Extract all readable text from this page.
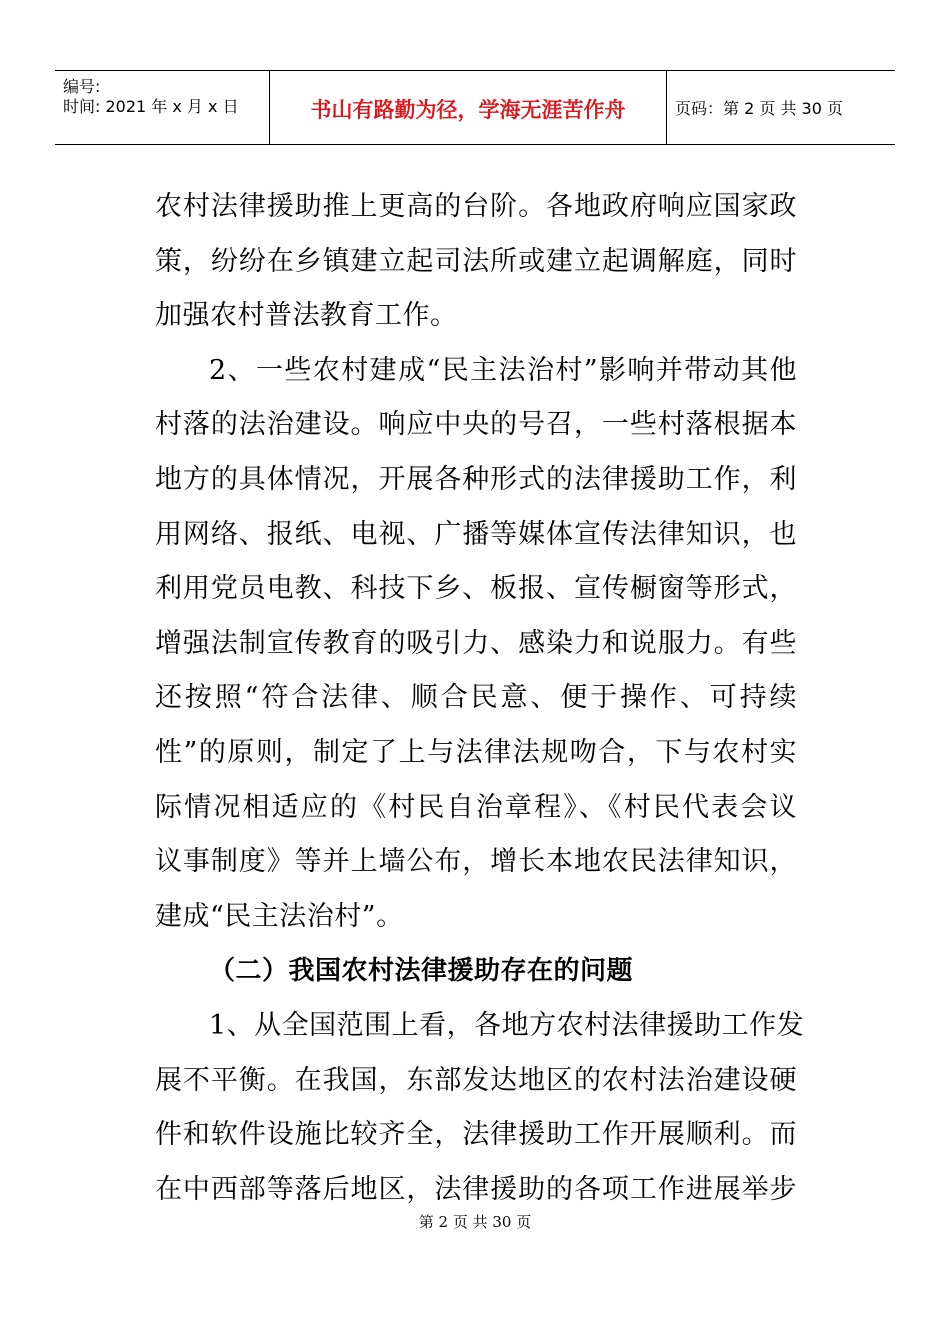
编号:
时间: 2021 年 x 月 x 日	书山有路勤为径，学海无涯苦作舟	页码：第 2 页 共 30 页
农村法律援助推上更高的台阶。各地政府响应国家政
策，纷纷在乡镇建立起司法所或建立起调解庭，同时
加强农村普法教育工作。
2、一些农村建成“民主法治村”影响并带动其他
村落的法治建设。响应中央的号召，一些村落根据本
地方的具体情况，开展各种形式的法律援助工作，利
用网络、报纸、电视、广播等媒体宣传法律知识，也
利用党员电教、科技下乡、板报、宣传橱窗等形式，
增强法制宣传教育的吸引力、感染力和说服力。有些
还按照“符合法律、顺合民意、便于操作、可持续
性”的原则，制定了上与法律法规吻合，下与农村实
际情况相适应的《村民自治章程》、《村民代表会议
议事制度》等并上墙公布，增长本地农民法律知识，
建成“民主法治村”。
（二）我国农村法律援助存在的问题
1、从全国范围上看，各地方农村法律援助工作发
展不平衡。在我国，东部发达地区的农村法治建设硬
件和软件设施比较齐全，法律援助工作开展顺利。而
在中西部等落后地区，法律援助的各项工作进展举步
第 2 页 共 30 页
